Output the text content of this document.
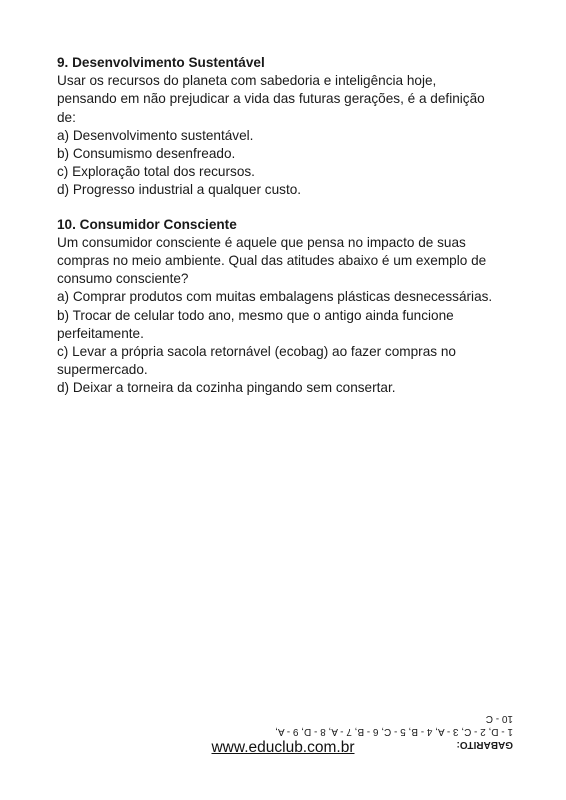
9. Desenvolvimento Sustentável
Usar os recursos do planeta com sabedoria e inteligência hoje,
pensando em não prejudicar a vida das futuras gerações, é a definição
de:
a) Desenvolvimento sustentável.
b) Consumismo desenfreado.
c) Exploração total dos recursos.
d) Progresso industrial a qualquer custo.
10. Consumidor Consciente
Um consumidor consciente é aquele que pensa no impacto de suas
compras no meio ambiente. Qual das atitudes abaixo é um exemplo de
consumo consciente?
a) Comprar produtos com muitas embalagens plásticas desnecessárias.
b) Trocar de celular todo ano, mesmo que o antigo ainda funcione
perfeitamente.
c) Levar a própria sacola retornável (ecobag) ao fazer compras no
supermercado.
d) Deixar a torneira da cozinha pingando sem consertar.
GABARITO:
1 - D, 2 - C, 3 - A, 4 - B, 5 - C, 6 - B, 7 - A, 8 - D, 9 - A, 10 - C
www.educlub.com.br
